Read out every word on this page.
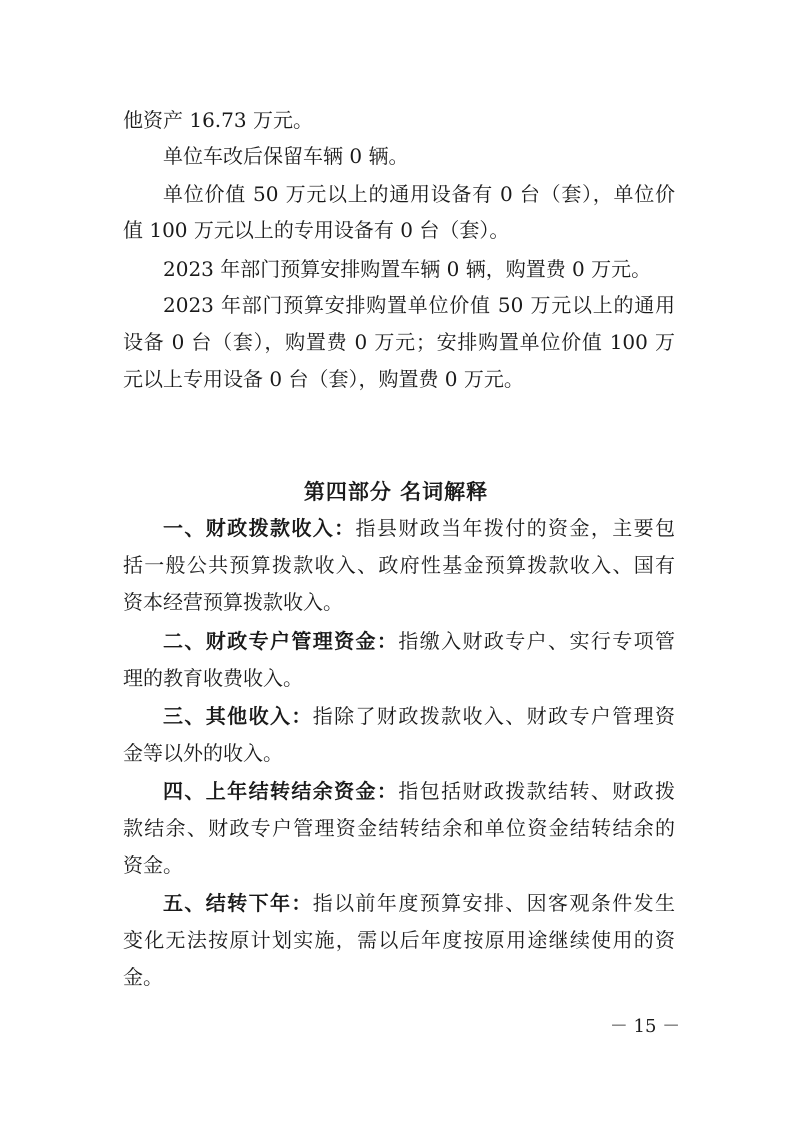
他资产 16.73 万元。
单位车改后保留车辆 0 辆。
单位价值 50 万元以上的通用设备有 0 台（套），单位价
值 100 万元以上的专用设备有 0 台（套）。
2023 年部门预算安排购置车辆 0 辆，购置费 0 万元。
2023 年部门预算安排购置单位价值 50 万元以上的通用
设备 0 台（套），购置费 0 万元；安排购置单位价值 100 万
元以上专用设备 0 台（套），购置费 0 万元。
第四部分 名词解释
一、财政拨款收入：指县财政当年拨付的资金，主要包
括一般公共预算拨款收入、政府性基金预算拨款收入、国有
资本经营预算拨款收入。
二、财政专户管理资金：指缴入财政专户、实行专项管
理的教育收费收入。
三、其他收入：指除了财政拨款收入、财政专户管理资
金等以外的收入。
四、上年结转结余资金：指包括财政拨款结转、财政拨
款结余、财政专户管理资金结转结余和单位资金结转结余的
资金。
五、结转下年：指以前年度预算安排、因客观条件发生
变化无法按原计划实施，需以后年度按原用途继续使用的资
金。
－ 15 －
